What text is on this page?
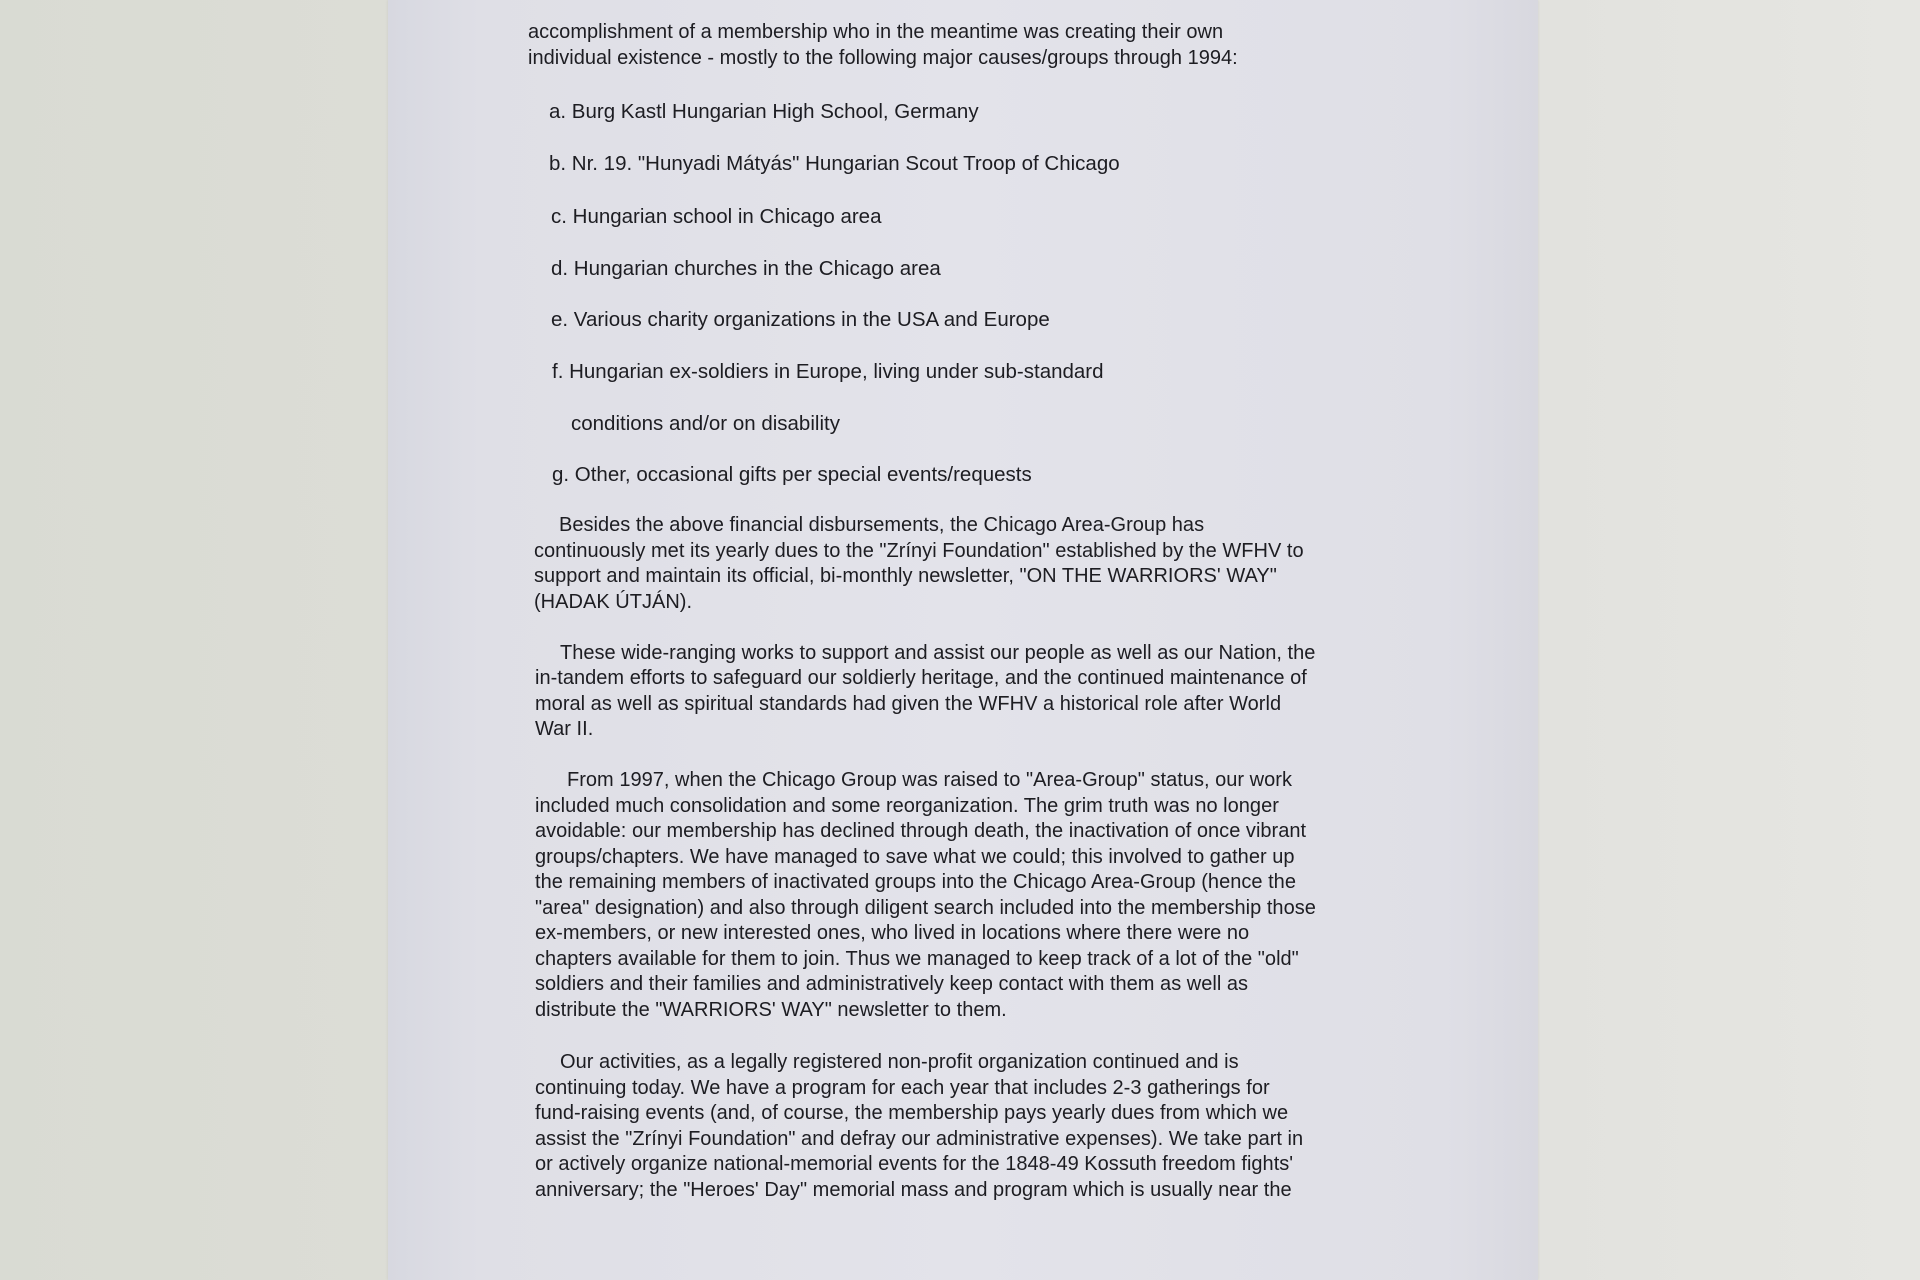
accomplishment of a membership who in the meantime was creating their own
individual existence - mostly to the following major causes/groups through 1994:
a. Burg Kastl Hungarian High School, Germany
b. Nr. 19. "Hunyadi Mátyás" Hungarian Scout Troop of Chicago
c. Hungarian school in Chicago area
d. Hungarian churches in the Chicago area
e. Various charity organizations in the USA and Europe
f. Hungarian ex-soldiers in Europe, living under sub-standard
conditions and/or on disability
g. Other, occasional gifts per special events/requests
Besides the above financial disbursements, the Chicago Area-Group has
continuously met its yearly dues to the "Zrínyi Foundation" established by the WFHV to
support and maintain its official, bi-monthly newsletter, "ON THE WARRIORS' WAY"
(HADAK ÚTJÁN).
These wide-ranging works to support and assist our people as well as our Nation, the
in-tandem efforts to safeguard our soldierly heritage, and the continued maintenance of
moral as well as spiritual standards had given the WFHV a historical role after World
War II.
From 1997, when the Chicago Group was raised to "Area-Group" status, our work
included much consolidation and some reorganization. The grim truth was no longer
avoidable: our membership has declined through death, the inactivation of once vibrant
groups/chapters. We have managed to save what we could; this involved to gather up
the remaining members of inactivated groups into the Chicago Area-Group (hence the
"area" designation) and also through diligent search included into the membership those
ex-members, or new interested ones, who lived in locations where there were no
chapters available for them to join. Thus we managed to keep track of a lot of the "old"
soldiers and their families and administratively keep contact with them as well as
distribute the "WARRIORS' WAY" newsletter to them.
Our activities, as a legally registered non-profit organization continued and is
continuing today. We have a program for each year that includes 2-3 gatherings for
fund-raising events (and, of course, the membership pays yearly dues from which we
assist the "Zrínyi Foundation" and defray our administrative expenses). We take part in
or actively organize national-memorial events for the 1848-49 Kossuth freedom fights'
anniversary; the "Heroes' Day" memorial mass and program which is usually near the
